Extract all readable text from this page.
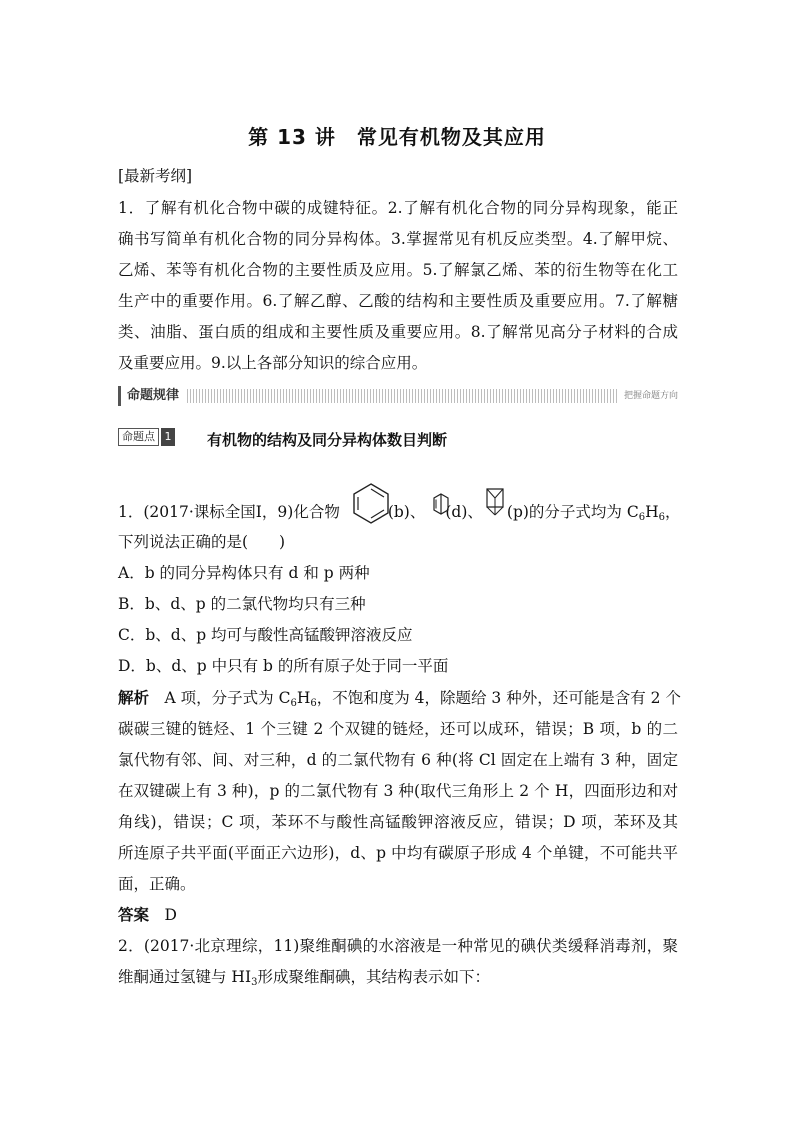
第 13 讲　常见有机物及其应用
[最新考纲]
1．了解有机化合物中碳的成键特征。2.了解有机化合物的同分异构现象，能正
确书写简单有机化合物的同分异构体。3.掌握常见有机反应类型。4.了解甲烷、
乙烯、苯等有机化合物的主要性质及应用。5.了解氯乙烯、苯的衍生物等在化工
生产中的重要作用。6.了解乙醇、乙酸的结构和主要性质及重要应用。7.了解糖
类、油脂、蛋白质的组成和主要性质及重要应用。8.了解常见高分子材料的合成
及重要应用。9.以上各部分知识的综合应用。
命题规律	把握命题方向
命题点 1 有机物的结构及同分异构体数目判断
1．(2017·课标全国Ⅰ，9)化合物	(b)、 (d)、 (p)的分子式均为 $C_6H_6$，
下列说法正确的是(　　)
A．b 的同分异构体只有 d 和 p 两种
B．b、d、p 的二氯代物均只有三种
C．b、d、p 均可与酸性高锰酸钾溶液反应
D．b、d、p 中只有 b 的所有原子处于同一平面
解析　A 项，分子式为 $C_6H_6$，不饱和度为 4，除题给 3 种外，还可能是含有 2 个
碳碳三键的链烃、1 个三键 2 个双键的链烃，还可以成环，错误；B 项，b 的二
氯代物有邻、间、对三种，d 的二氯代物有 6 种(将 Cl 固定在上端有 3 种，固定
在双键碳上有 3 种)，p 的二氯代物有 3 种(取代三角形上 2 个 H，四面形边和对
角线)，错误；C 项，苯环不与酸性高锰酸钾溶液反应，错误；D 项，苯环及其
所连原子共平面(平面正六边形)，d、p 中均有碳原子形成 4 个单键，不可能共平
面，正确。
答案　D
2．(2017·北京理综，11)聚维酮碘的水溶液是一种常见的碘伏类缓释消毒剂，聚
维酮通过氢键与 $HI_3$形成聚维酮碘，其结构表示如下：
